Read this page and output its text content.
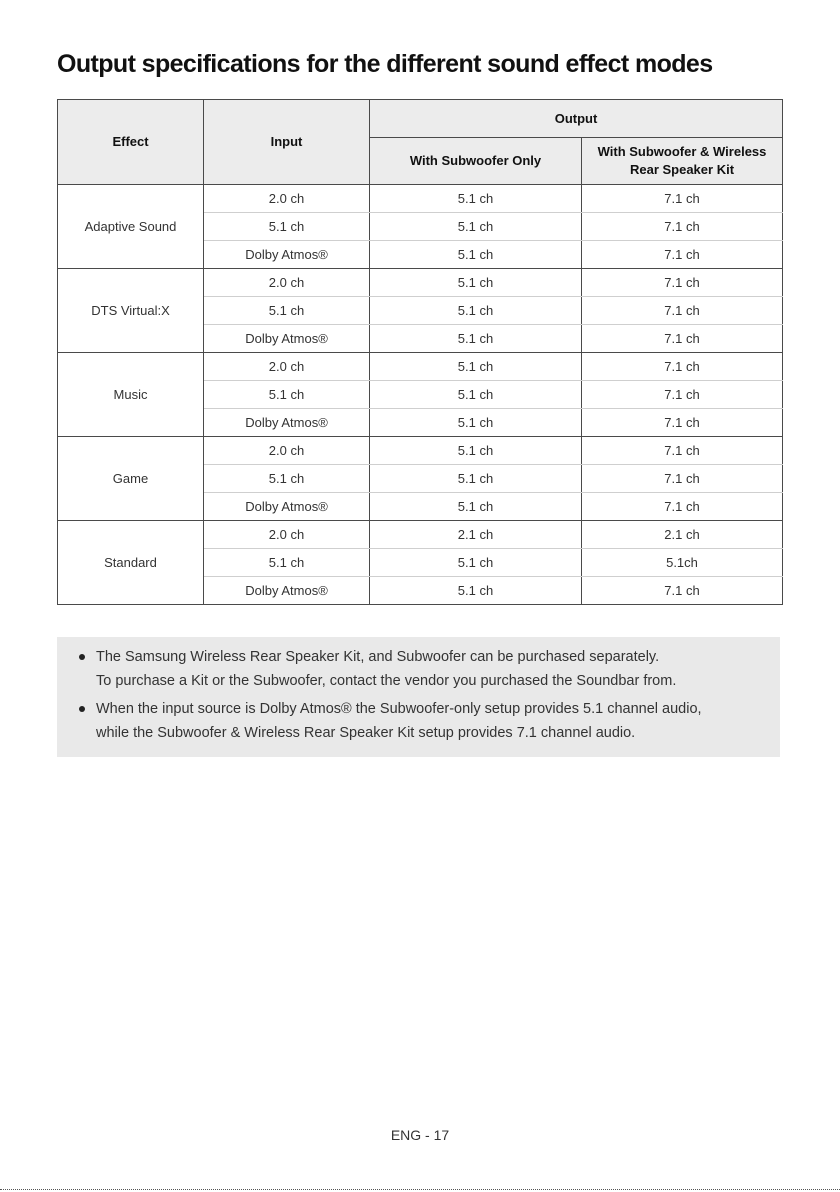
Output specifications for the different sound effect modes
Effect	Input	Output	
		With Subwoofer Only	With Subwoofer & Wireless Rear Speaker Kit
Adaptive Sound	2.0 ch	5.1 ch	7.1 ch
	5.1 ch	5.1 ch	7.1 ch
	Dolby Atmos®	5.1 ch	7.1 ch
DTS Virtual:X	2.0 ch	5.1 ch	7.1 ch
	5.1 ch	5.1 ch	7.1 ch
	Dolby Atmos®	5.1 ch	7.1 ch
Music	2.0 ch	5.1 ch	7.1 ch
	5.1 ch	5.1 ch	7.1 ch
	Dolby Atmos®	5.1 ch	7.1 ch
Game	2.0 ch	5.1 ch	7.1 ch
	5.1 ch	5.1 ch	7.1 ch
	Dolby Atmos®	5.1 ch	7.1 ch
Standard	2.0 ch	2.1 ch	2.1 ch
	5.1 ch	5.1 ch	5.1ch
	Dolby Atmos®	5.1 ch	7.1 ch
The Samsung Wireless Rear Speaker Kit, and Subwoofer can be purchased separately.
To purchase a Kit or the Subwoofer, contact the vendor you purchased the Soundbar from.
When the input source is Dolby Atmos® the Subwoofer-only setup provides 5.1 channel audio,
while the Subwoofer & Wireless Rear Speaker Kit setup provides 7.1 channel audio.
ENG - 17
